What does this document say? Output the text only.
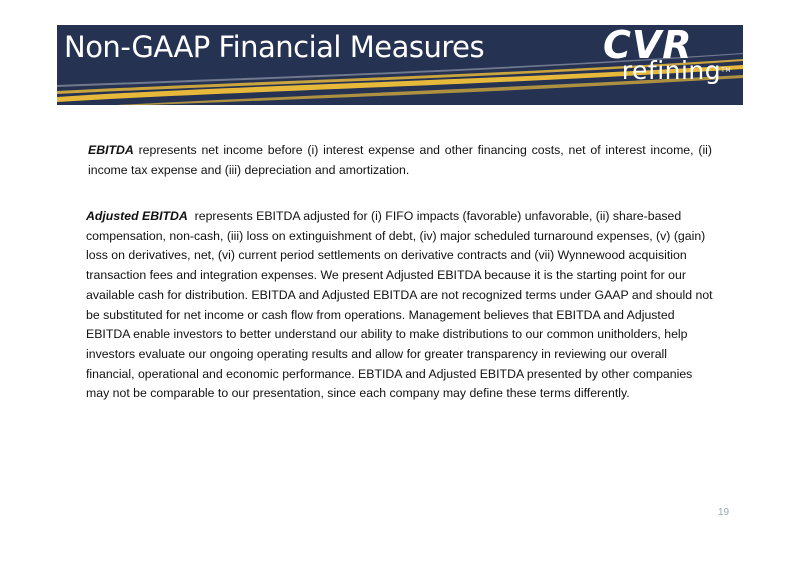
Non-GAAP Financial Measures	CVR
refining™
EBITDA represents net income before (i) interest expense and other financing costs, net of interest income, (ii) income tax expense and (iii) depreciation and amortization.
Adjusted EBITDA  represents EBITDA adjusted for (i) FIFO impacts (favorable) unfavorable, (ii) share-based compensation, non-cash, (iii) loss on extinguishment of debt, (iv) major scheduled turnaround expenses, (v) (gain) loss on derivatives, net, (vi) current period settlements on derivative contracts and (vii) Wynnewood acquisition transaction fees and integration expenses. We present Adjusted EBITDA because it is the starting point for our available cash for distribution. EBITDA and Adjusted EBITDA are not recognized terms under GAAP and should not be substituted for net income or cash flow from operations. Management believes that EBITDA and Adjusted EBITDA enable investors to better understand our ability to make distributions to our common unitholders, help investors evaluate our ongoing operating results and allow for greater transparency in reviewing our overall financial, operational and economic performance. EBTIDA and Adjusted EBITDA presented by other companies may not be comparable to our presentation, since each company may define these terms differently.
19
